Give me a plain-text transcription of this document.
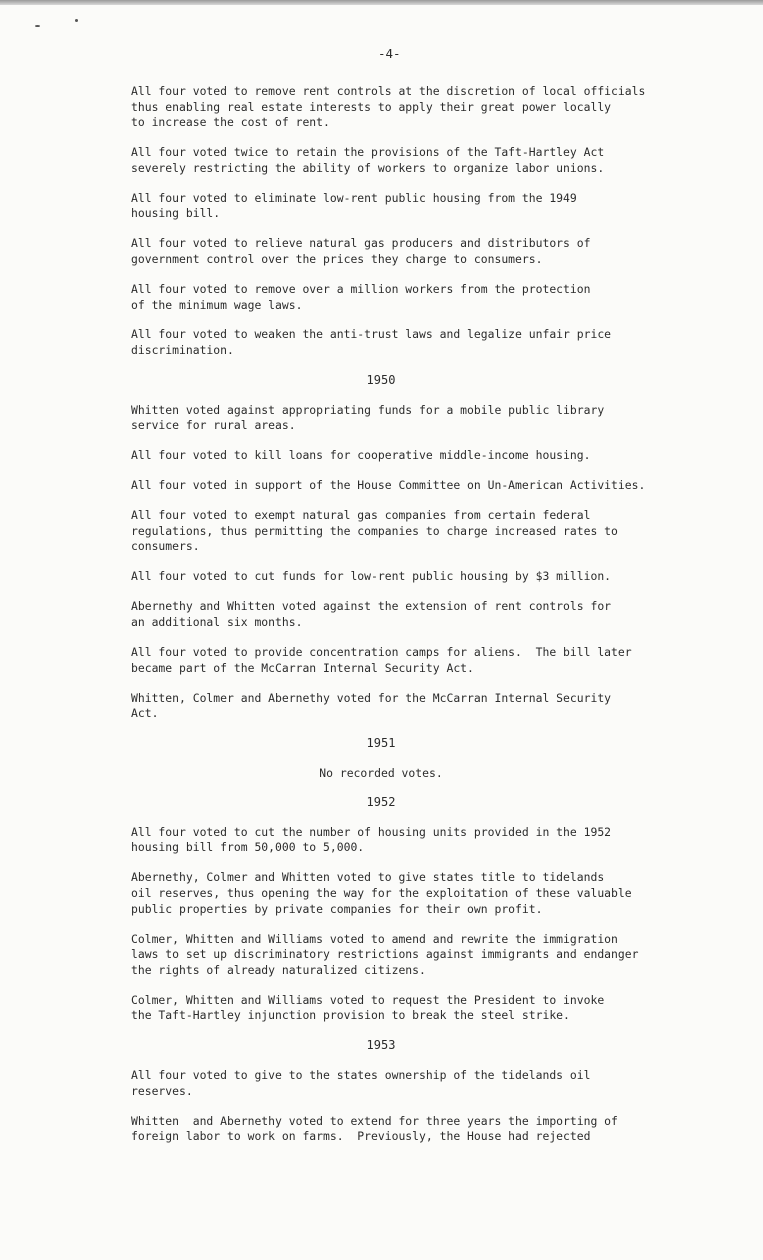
-4-

All four voted to remove rent controls at the discretion of local officials
thus enabling real estate interests to apply their great power locally
to increase the cost of rent.

All four voted twice to retain the provisions of the Taft-Hartley Act
severely restricting the ability of workers to organize labor unions.

All four voted to eliminate low-rent public housing from the 1949
housing bill.

All four voted to relieve natural gas producers and distributors of
government control over the prices they charge to consumers.

All four voted to remove over a million workers from the protection
of the minimum wage laws.

All four voted to weaken the anti-trust laws and legalize unfair price
discrimination.

1950

Whitten voted against appropriating funds for a mobile public library
service for rural areas.

All four voted to kill loans for cooperative middle-income housing.

All four voted in support of the House Committee on Un-American Activities.

All four voted to exempt natural gas companies from certain federal
regulations, thus permitting the companies to charge increased rates to
consumers.

All four voted to cut funds for low-rent public housing by $3 million.

Abernethy and Whitten voted against the extension of rent controls for
an additional six months.

All four voted to provide concentration camps for aliens.  The bill later
became part of the McCarran Internal Security Act.

Whitten, Colmer and Abernethy voted for the McCarran Internal Security
Act.

1951
No recorded votes.
1952

All four voted to cut the number of housing units provided in the 1952
housing bill from 50,000 to 5,000.

Abernethy, Colmer and Whitten voted to give states title to tidelands
oil reserves, thus opening the way for the exploitation of these valuable
public properties by private companies for their own profit.

Colmer, Whitten and Williams voted to amend and rewrite the immigration
laws to set up discriminatory restrictions against immigrants and endanger
the rights of already naturalized citizens.

Colmer, Whitten and Williams voted to request the President to invoke
the Taft-Hartley injunction provision to break the steel strike.

1953

All four voted to give to the states ownership of the tidelands oil
reserves.

Whitten  and Abernethy voted to extend for three years the importing of
foreign labor to work on farms.  Previously, the House had rejected
